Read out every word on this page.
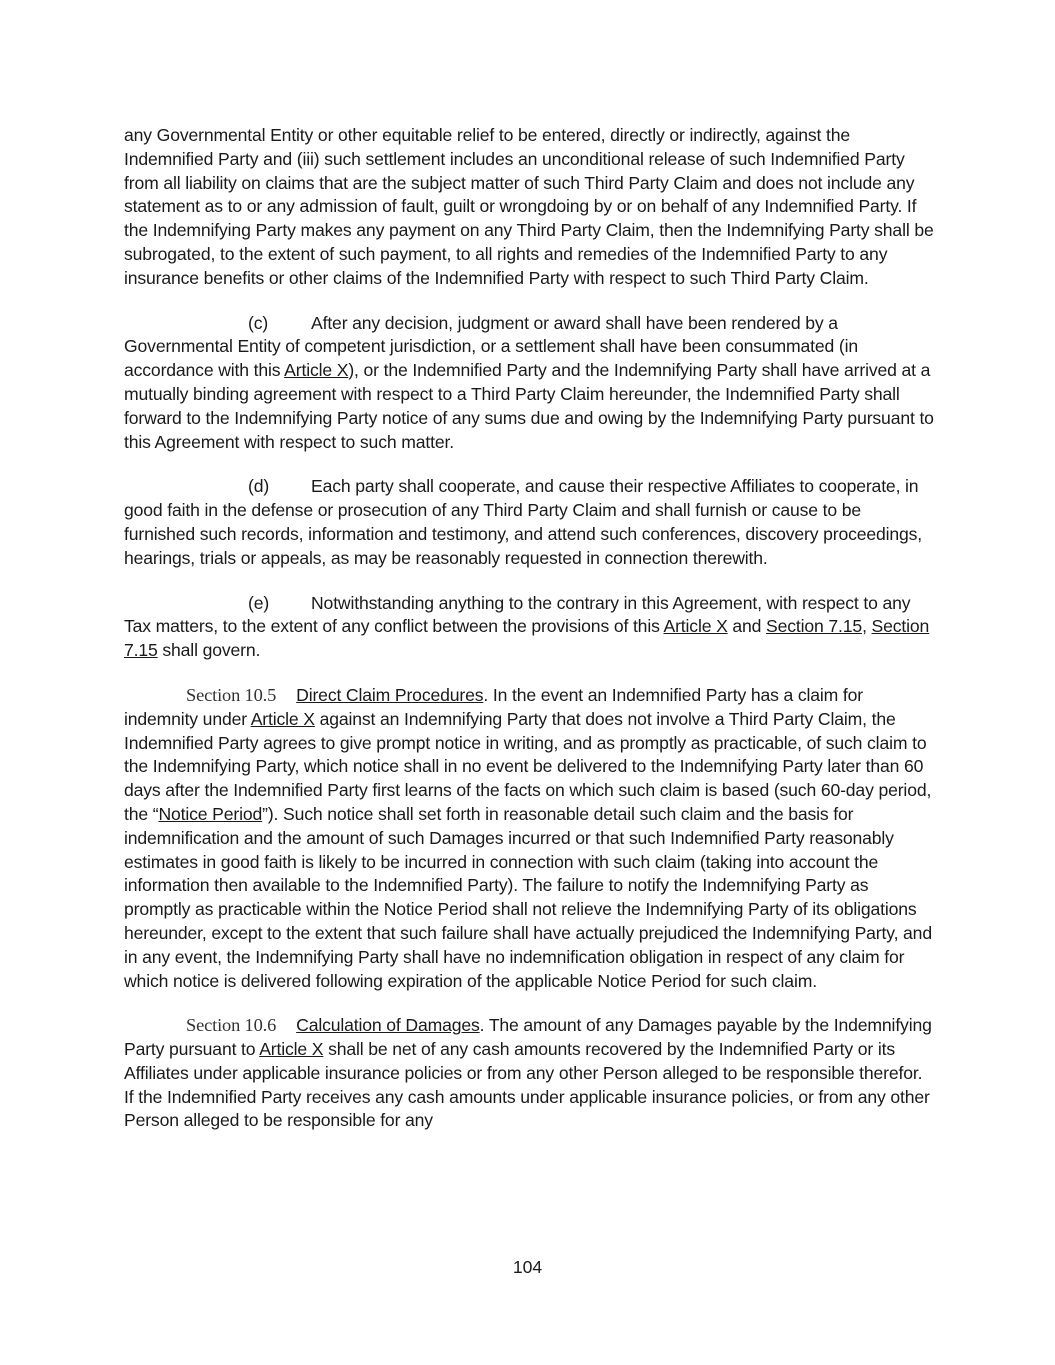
any Governmental Entity or other equitable relief to be entered, directly or indirectly, against the Indemnified Party and (iii) such settlement includes an unconditional release of such Indemnified Party from all liability on claims that are the subject matter of such Third Party Claim and does not include any statement as to or any admission of fault, guilt or wrongdoing by or on behalf of any Indemnified Party. If the Indemnifying Party makes any payment on any Third Party Claim, then the Indemnifying Party shall be subrogated, to the extent of such payment, to all rights and remedies of the Indemnified Party to any insurance benefits or other claims of the Indemnified Party with respect to such Third Party Claim.

(c) After any decision, judgment or award shall have been rendered by a Governmental Entity of competent jurisdiction, or a settlement shall have been consummated (in accordance with this Article X), or the Indemnified Party and the Indemnifying Party shall have arrived at a mutually binding agreement with respect to a Third Party Claim hereunder, the Indemnified Party shall forward to the Indemnifying Party notice of any sums due and owing by the Indemnifying Party pursuant to this Agreement with respect to such matter.

(d) Each party shall cooperate, and cause their respective Affiliates to cooperate, in good faith in the defense or prosecution of any Third Party Claim and shall furnish or cause to be furnished such records, information and testimony, and attend such conferences, discovery proceedings, hearings, trials or appeals, as may be reasonably requested in connection therewith.

(e) Notwithstanding anything to the contrary in this Agreement, with respect to any Tax matters, to the extent of any conflict between the provisions of this Article X and Section 7.15, Section 7.15 shall govern.

Section 10.5 Direct Claim Procedures. In the event an Indemnified Party has a claim for indemnity under Article X against an Indemnifying Party that does not involve a Third Party Claim, the Indemnified Party agrees to give prompt notice in writing, and as promptly as practicable, of such claim to the Indemnifying Party, which notice shall in no event be delivered to the Indemnifying Party later than 60 days after the Indemnified Party first learns of the facts on which such claim is based (such 60-day period, the “Notice Period”). Such notice shall set forth in reasonable detail such claim and the basis for indemnification and the amount of such Damages incurred or that such Indemnified Party reasonably estimates in good faith is likely to be incurred in connection with such claim (taking into account the information then available to the Indemnified Party). The failure to notify the Indemnifying Party as promptly as practicable within the Notice Period shall not relieve the Indemnifying Party of its obligations hereunder, except to the extent that such failure shall have actually prejudiced the Indemnifying Party, and in any event, the Indemnifying Party shall have no indemnification obligation in respect of any claim for which notice is delivered following expiration of the applicable Notice Period for such claim.

Section 10.6 Calculation of Damages. The amount of any Damages payable by the Indemnifying Party pursuant to Article X shall be net of any cash amounts recovered by the Indemnified Party or its Affiliates under applicable insurance policies or from any other Person alleged to be responsible therefor. If the Indemnified Party receives any cash amounts under applicable insurance policies, or from any other Person alleged to be responsible for any

104
